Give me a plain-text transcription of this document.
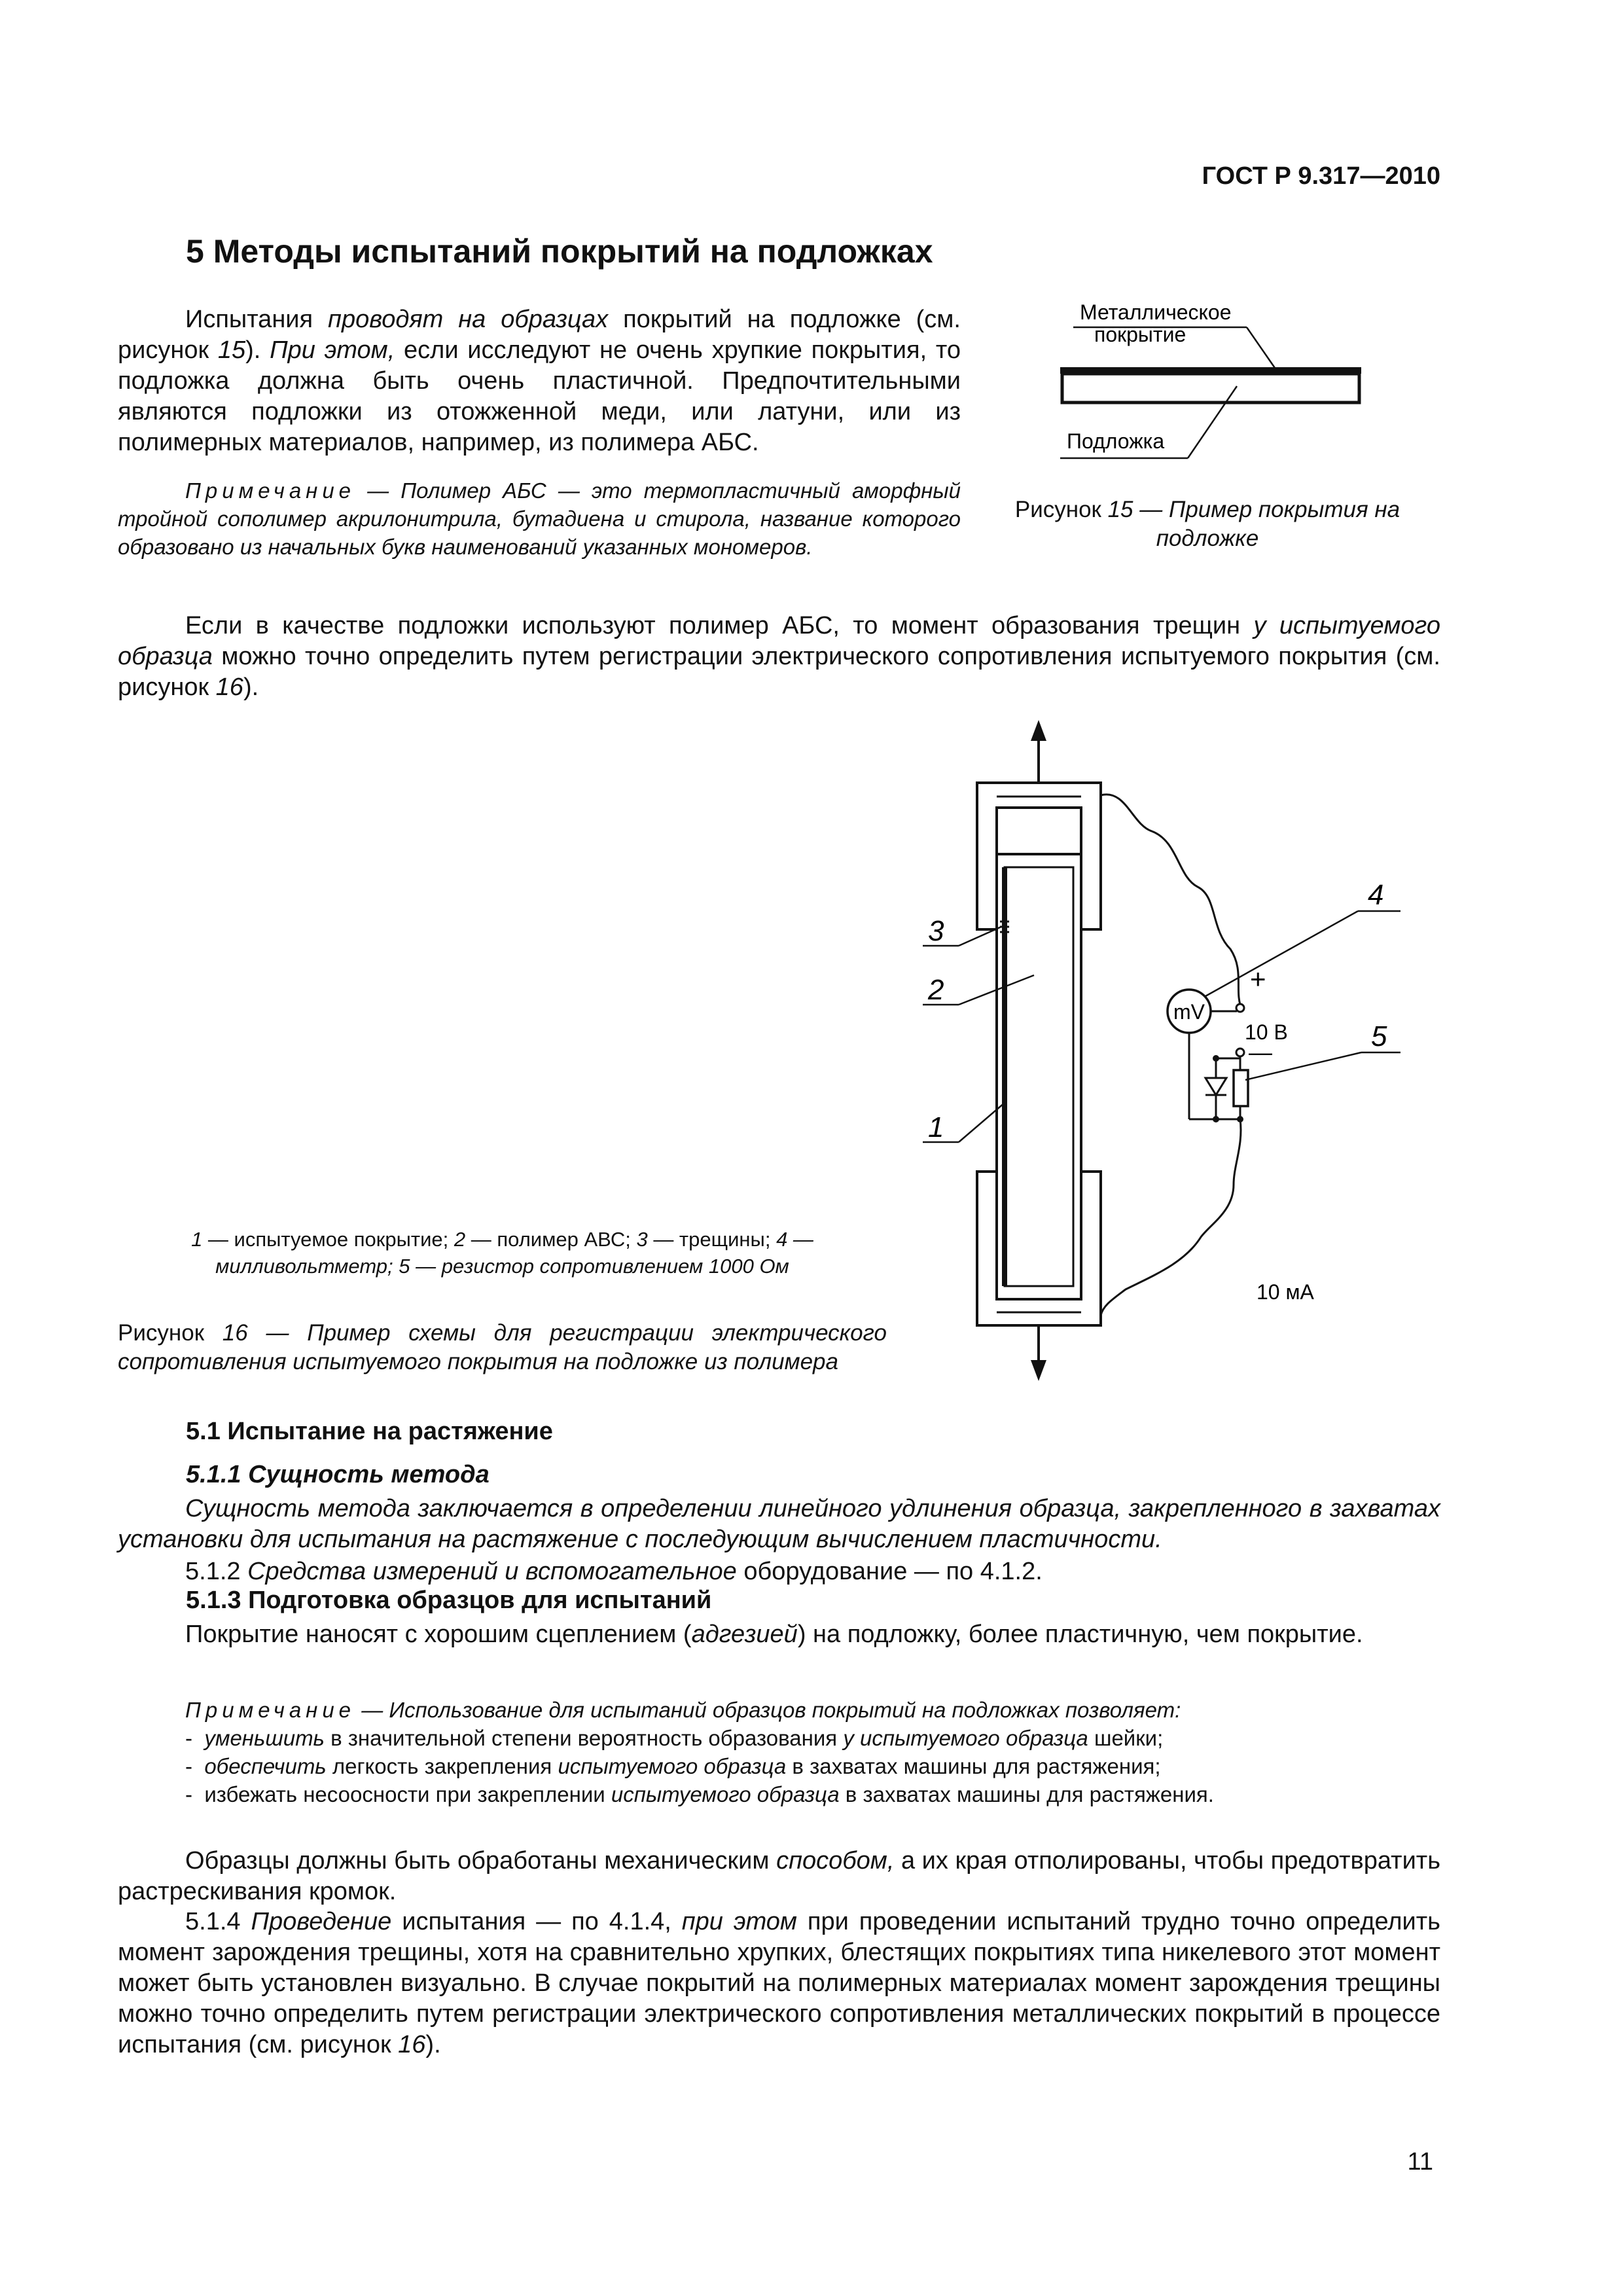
ГОСТ Р 9.317—2010
5 Методы испытаний покрытий на подложках

Испытания проводят на образцах покрытий на подложке (см. рисунок 15). При этом, если исследуют не очень хрупкие покрытия, то подложка должна быть очень пластичной. Предпочтительными являются подложки из отожженной меди, или латуни, или из полимерных материалов, например, из полимера АБС.

Примечание — Полимер АБС — это термопластичный аморфный тройной сополимер акрилонитрила, бутадиена и стирола, название которого образовано из начальных букв наименований указанных мономеров.

Металлическое
покрытие
Подложка
Рисунок 15 — Пример покрытия на подложке

Если в качестве подложки используют полимер АБС, то момент образования трещин у испытуемого образца можно точно определить путем регистрации электрического сопротивления испытуемого покрытия (см. рисунок 16).

3
2
1
+
10 В
—
mV
4
5
10 мА
1 — испытуемое покрытие; 2 — полимер АВС; 3 — трещины; 4 — милливольтметр; 5 — резистор сопротивлением 1000 Ом
Рисунок 16 — Пример схемы для регистрации электрического сопротивления испытуемого покрытия на подложке из полимера
5.1 Испытание на растяжение
5.1.1 Сущность метода

Сущность метода заключается в определении линейного удлинения образца, закрепленного в захватах установки для испытания на растяжение с последующим вычислением пластичности.

5.1.2 Средства измерений и вспомогательное оборудование — по 4.1.2.

5.1.3 Подготовка образцов для испытаний

Покрытие наносят с хорошим сцеплением (адгезией) на подложку, более пластичную, чем покрытие.

Примечание — Использование для испытаний образцов покрытий на подложках позволяет:

-  уменьшить в значительной степени вероятность образования у испытуемого образца шейки;

-  обеспечить легкость закрепления испытуемого образца в захватах машины для растяжения;

-  избежать несоосности при закреплении испытуемого образца в захватах машины для растяжения.

Образцы должны быть обработаны механическим способом, а их края отполированы, чтобы предотвратить растрескивания кромок.

5.1.4 Проведение испытания — по 4.1.4, при этом при проведении испытаний трудно точно определить момент зарождения трещины, хотя на сравнительно хрупких, блестящих покрытиях типа никелевого этот момент может быть установлен визуально. В случае покрытий на полимерных материалах момент зарождения трещины можно точно определить путем регистрации электрического сопротивления металлических покрытий в процессе испытания (см. рисунок 16).

11
